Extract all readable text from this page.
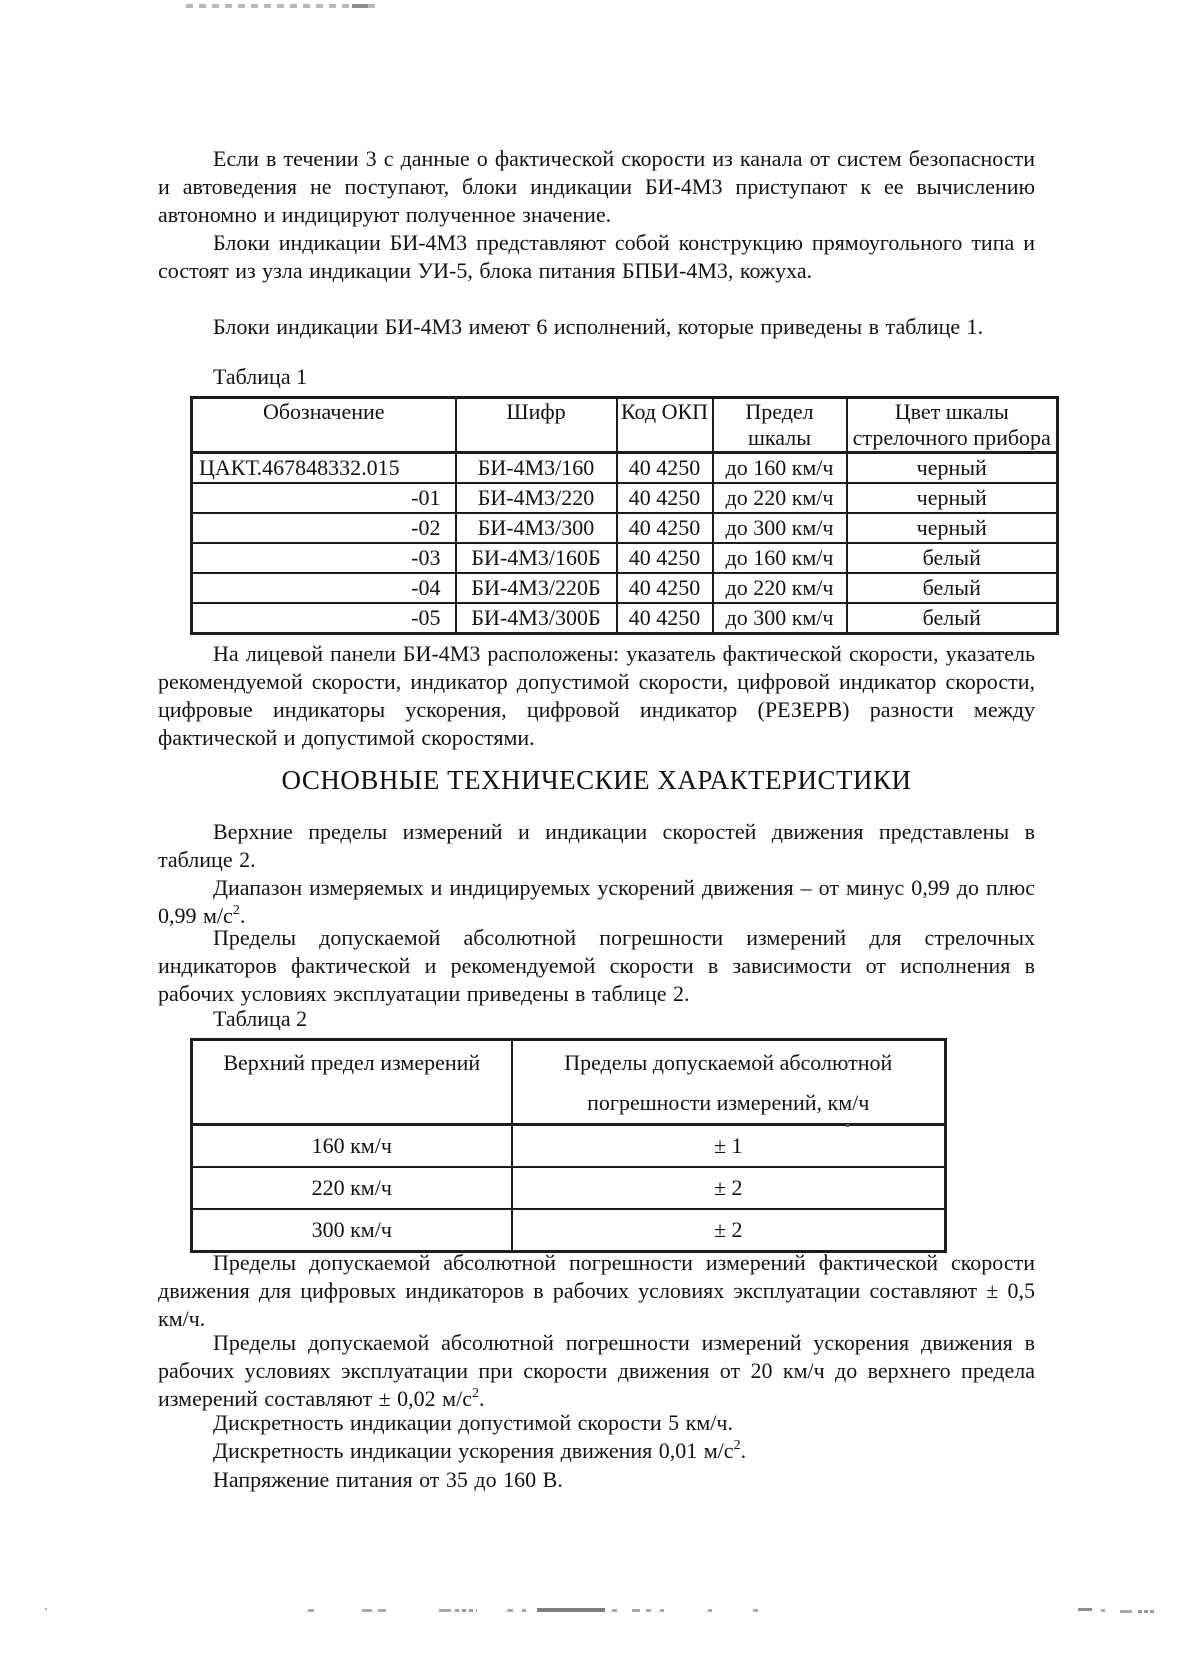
Если в течении 3 с данные о фактической скорости из канала от систем безопасности и автоведения не поступают, блоки индикации БИ-4М3 приступают к ее вычислению автономно и индицируют полученное значение.

Блоки индикации БИ-4М3 представляют собой конструкцию прямоугольного типа и состоят из узла индикации УИ-5, блока питания БПБИ-4М3, кожуха.

Блоки индикации БИ-4М3 имеют 6 исполнений, которые приведены в таблице 1.

Таблица 1

Обозначение	Шифр	Код ОКП	Предел шкалы	Цвет шкалы стрелочного прибора
ЦАКТ.467848332.015	БИ-4М3/160	40 4250	до 160 км/ч	черный
-01	БИ-4М3/220	40 4250	до 220 км/ч	черный
-02	БИ-4М3/300	40 4250	до 300 км/ч	черный
-03	БИ-4М3/160Б	40 4250	до 160 км/ч	белый
-04	БИ-4М3/220Б	40 4250	до 220 км/ч	белый
-05	БИ-4М3/300Б	40 4250	до 300 км/ч	белый

На лицевой панели БИ-4М3 расположены: указатель фактической скорости, указатель рекомендуемой скорости, индикатор допустимой скорости, цифровой индикатор скорости, цифровые индикаторы ускорения, цифровой индикатор (РЕЗЕРВ) разности между фактической и допустимой скоростями.

ОСНОВНЫЕ ТЕХНИЧЕСКИЕ ХАРАКТЕРИСТИКИ

Верхние пределы измерений и индикации скоростей движения представлены в таблице 2.

Диапазон измеряемых и индицируемых ускорений движения – от минус 0,99 до плюс 0,99 $м/с^2$.

Пределы допускаемой абсолютной погрешности измерений для стрелочных индикаторов фактической и рекомендуемой скорости в зависимости от исполнения в рабочих условиях эксплуатации приведены в таблице 2.

Таблица 2

Верхний предел измерений	Пределы допускаемой абсолютной погрешности измерений, км/ч
160 км/ч	± 1
220 км/ч	± 2
300 км/ч	± 2

Пределы допускаемой абсолютной погрешности измерений фактической скорости движения для цифровых индикаторов в рабочих условиях эксплуатации составляют ± 0,5 км/ч.

Пределы допускаемой абсолютной погрешности измерений ускорения движения в рабочих условиях эксплуатации при скорости движения от 20 км/ч до верхнего предела измерений составляют ± 0,02 $м/с^2$.

Дискретность индикации допустимой скорости 5 км/ч.

Дискретность индикации ускорения движения 0,01 $м/с^2$.

Напряжение питания от 35 до 160 В.
